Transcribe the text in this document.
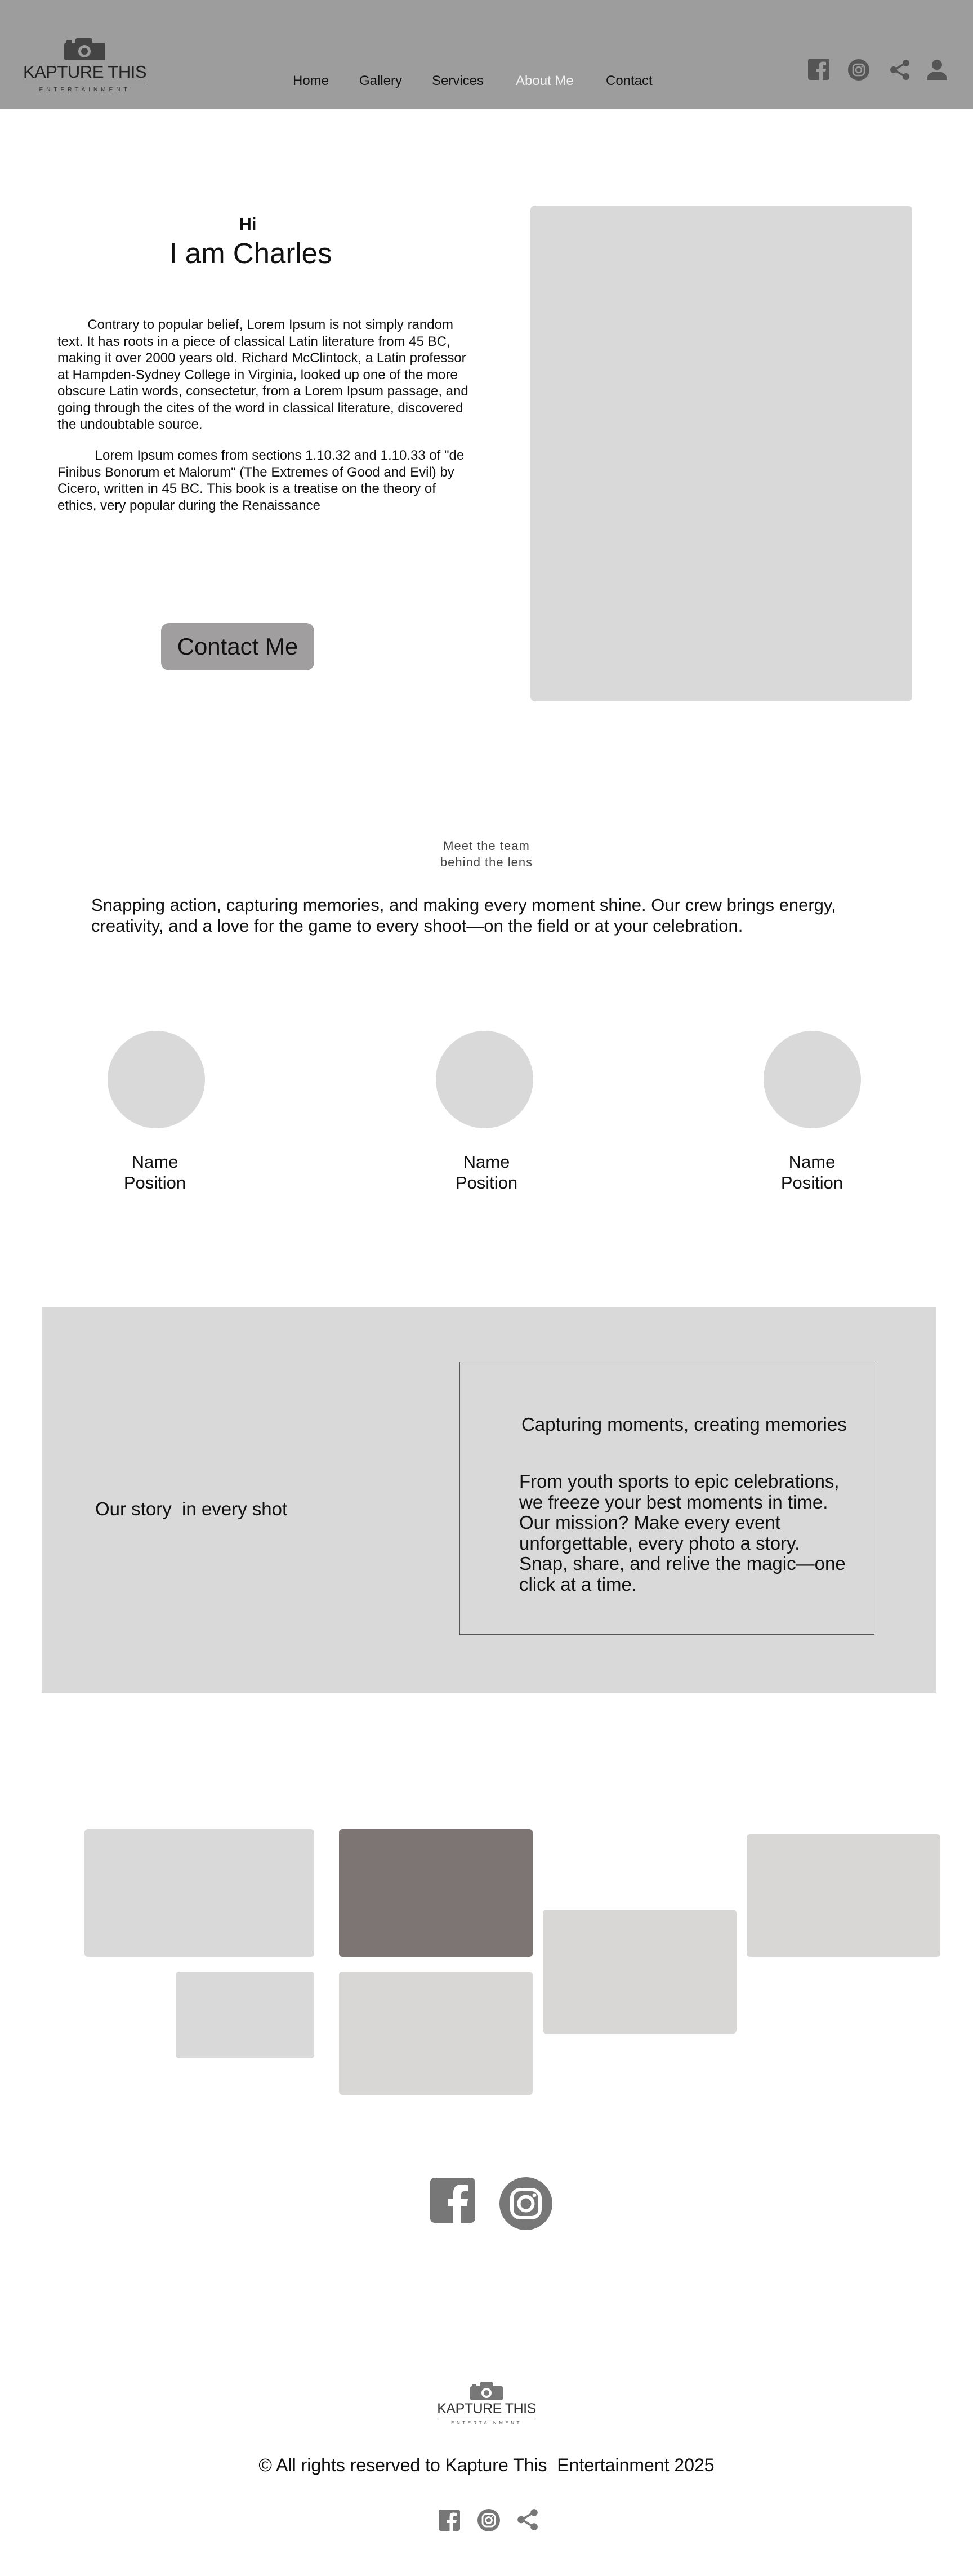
KAPTURE THIS
ENTERTAINMENT
Home Gallery Services About Me Contact
Hi
I am Charles

Contrary to popular belief, Lorem Ipsum is not simply random text. It has roots in a piece of classical Latin literature from 45 BC, making it over 2000 years old. Richard McClintock, a Latin professor at Hampden-Sydney College in Virginia, looked up one of the more obscure Latin words, consectetur, from a Lorem Ipsum passage, and going through the cites of the word in classical literature, discovered the undoubtable source.

Lorem Ipsum comes from sections 1.10.32 and 1.10.33 of "de Finibus Bonorum et Malorum" (The Extremes of Good and Evil) by Cicero, written in 45 BC. This book is a treatise on the theory of ethics, very popular during the Renaissance

Contact Me
Meet the team
behind the lens

Snapping action, capturing memories, and making every moment shine. Our crew brings energy, creativity, and a love for the game to every shoot—on the field or at your celebration.

Name
Position
Name
Position
Name
Position
Our story  in every shot
Capturing moments, creating memories

From youth sports to epic celebrations, we freeze your best moments in time. Our mission? Make every event unforgettable, every photo a story. Snap, share, and relive the magic—one click at a time.

KAPTURE THIS
ENTERTAINMENT
© All rights reserved to Kapture This  Entertainment 2025
